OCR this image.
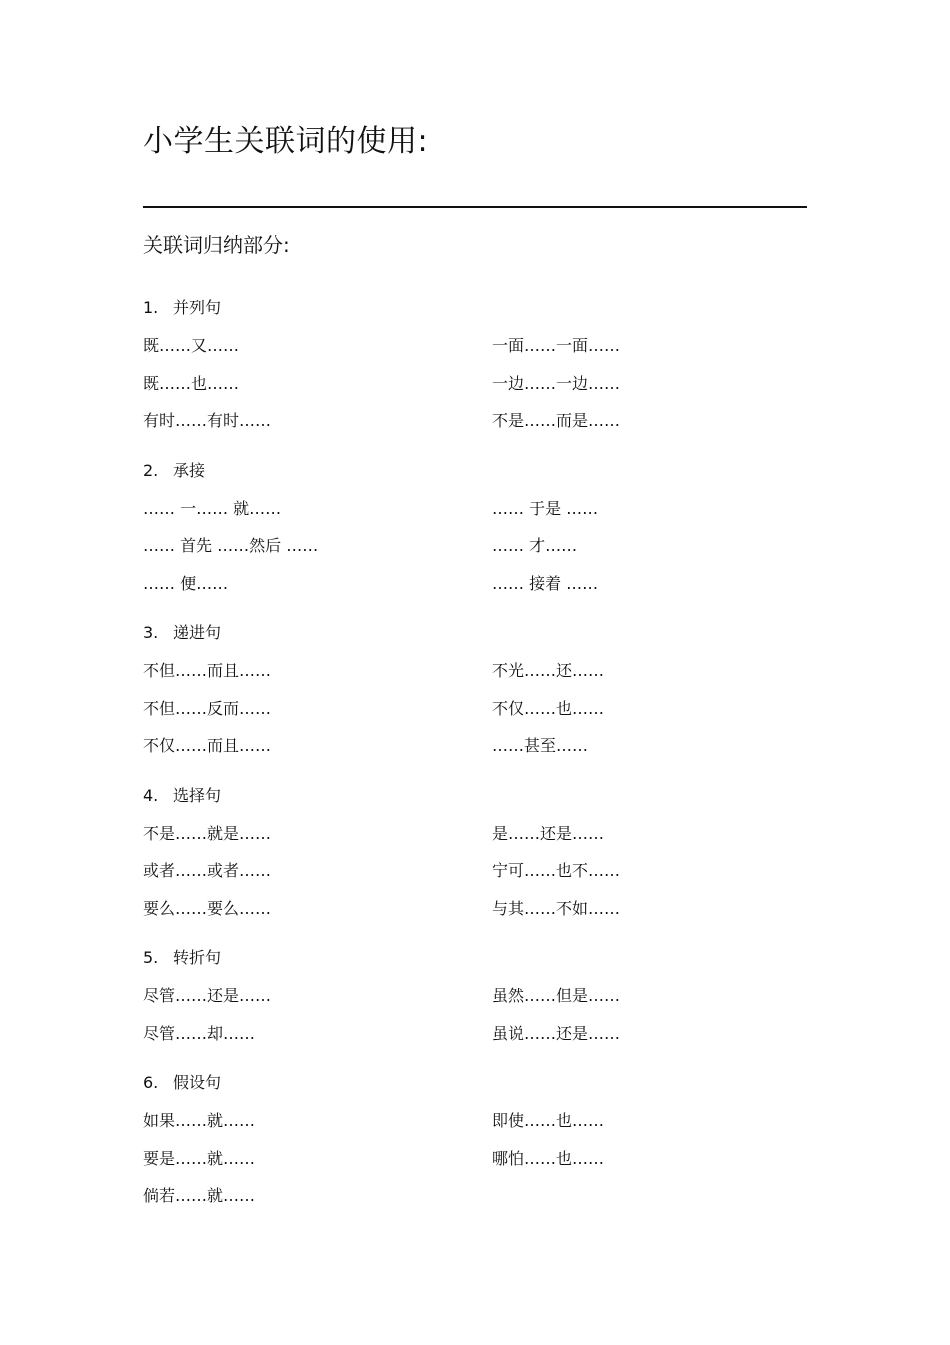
小学生关联词的使用:
关联词归纳部分:
1. 并列句
既……又……	一面……一面……
既……也……	一边……一边……
有时……有时……	不是……而是……
2. 承接
…… 一…… 就……	…… 于是 ……
…… 首先 ……然后 ……	…… 才……
…… 便……	…… 接着 ……
3. 递进句
不但……而且……	不光……还……
不但……反而……	不仅……也……
不仅……而且……	……甚至……
4. 选择句
不是……就是……	是……还是……
或者……或者……	宁可……也不……
要么……要么……	与其……不如……
5. 转折句
尽管……还是……	虽然……但是……
尽管……却……	虽说……还是……
6. 假设句
如果……就……	即使……也……
要是……就……	哪怕……也……
倘若……就……
